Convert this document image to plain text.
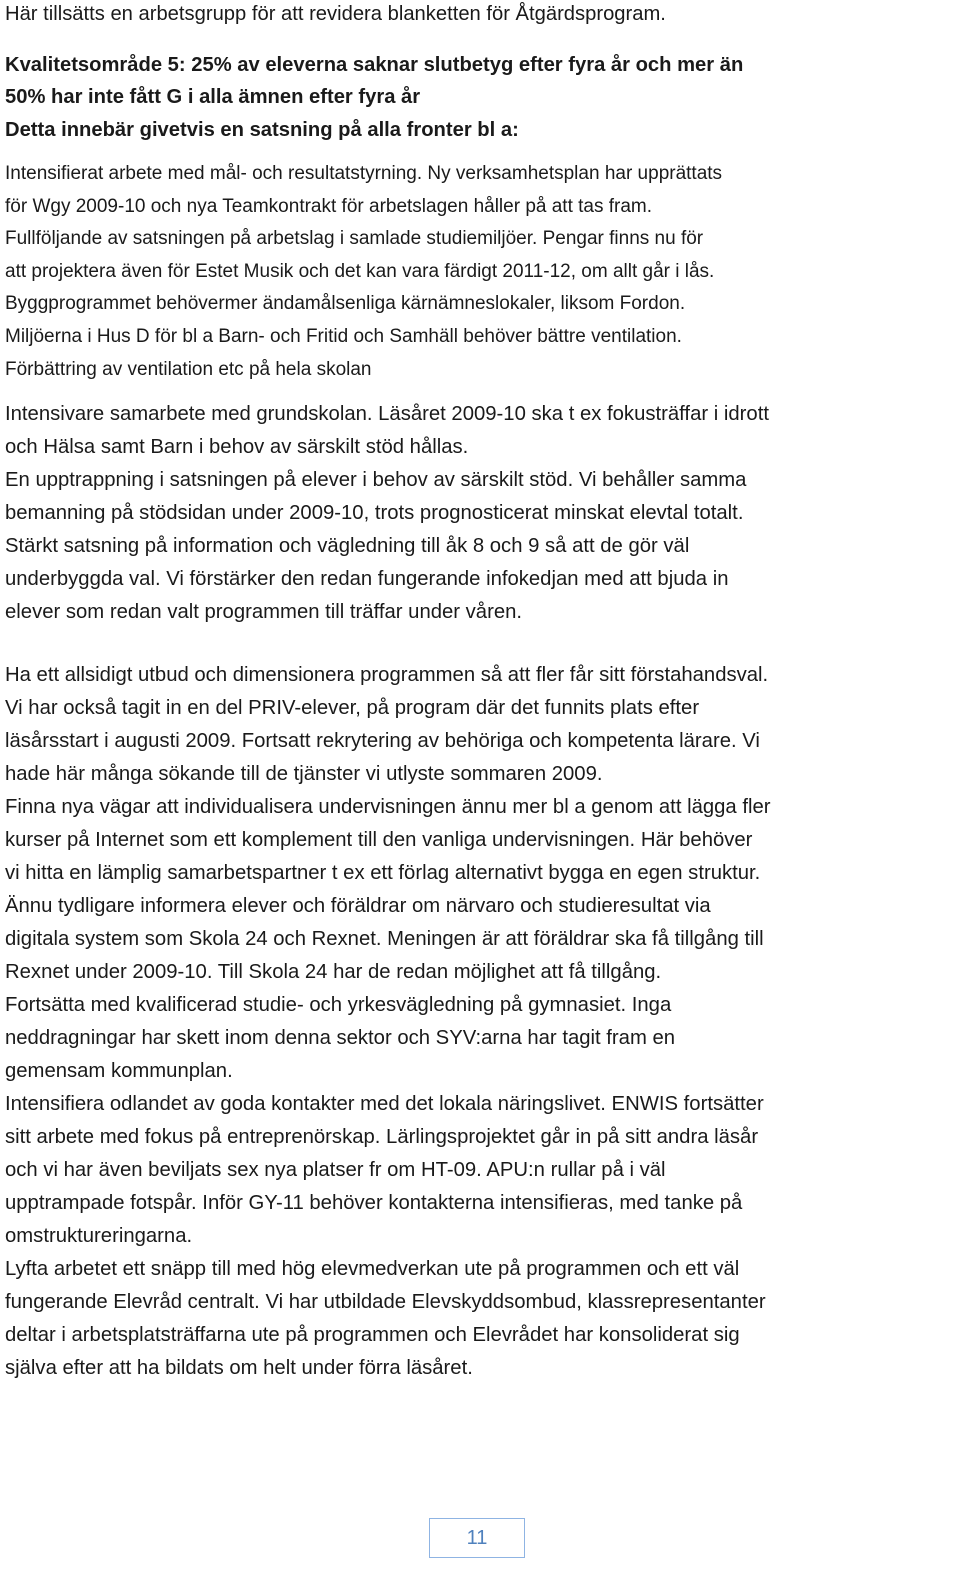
Här tillsätts en arbetsgrupp för att revidera blanketten för Åtgärdsprogram.

Kvalitetsområde 5: 25% av eleverna saknar slutbetyg efter fyra år och mer än

50% har inte fått G i alla ämnen efter fyra år

Detta innebär givetvis en satsning på alla fronter bl a:

Intensifierat arbete med mål- och resultatstyrning. Ny verksamhetsplan har upprättats

för Wgy 2009-10 och nya Teamkontrakt för arbetslagen håller på att tas fram.

Fullföljande av satsningen på arbetslag i samlade studiemiljöer. Pengar finns nu för

att projektera även för Estet Musik och det kan vara färdigt 2011-12, om allt går i lås.

Byggprogrammet behövermer ändamålsenliga kärnämneslokaler, liksom Fordon.

Miljöerna i Hus D för bl a Barn- och Fritid och Samhäll behöver bättre ventilation.

Förbättring av ventilation etc på hela skolan

Intensivare samarbete med grundskolan. Läsåret 2009-10 ska t ex fokusträffar i idrott

och Hälsa samt Barn i behov av särskilt stöd hållas.

En upptrappning i satsningen på elever i behov av särskilt stöd. Vi behåller samma

bemanning på stödsidan under 2009-10, trots prognosticerat minskat elevtal totalt.

Stärkt satsning på information och vägledning till åk 8 och 9 så att de gör väl

underbyggda val. Vi förstärker den redan fungerande infokedjan med att bjuda in

elever som redan valt programmen till träffar under våren.

Ha ett allsidigt utbud och dimensionera programmen så att fler får sitt förstahandsval.

Vi har också tagit in en del PRIV-elever, på program där det funnits plats efter

läsårsstart i augusti 2009. Fortsatt rekrytering av behöriga och kompetenta lärare. Vi

hade här många sökande till de tjänster vi utlyste sommaren 2009.

Finna nya vägar att individualisera undervisningen ännu mer bl a genom att lägga fler

kurser på Internet som ett komplement till den vanliga undervisningen. Här behöver

vi hitta en lämplig samarbetspartner t ex ett förlag alternativt bygga en egen struktur.

Ännu tydligare informera elever och föräldrar om närvaro och studieresultat via

digitala system som Skola 24 och Rexnet. Meningen är att föräldrar ska få tillgång till

Rexnet under 2009-10. Till Skola 24 har de redan möjlighet att få tillgång.

Fortsätta med kvalificerad studie- och yrkesvägledning på gymnasiet. Inga

neddragningar har skett inom denna sektor och SYV:arna har tagit fram en

gemensam kommunplan.

Intensifiera odlandet av goda kontakter med det lokala näringslivet. ENWIS fortsätter

sitt arbete med fokus på entreprenörskap. Lärlingsprojektet går in på sitt andra läsår

och vi har även beviljats sex nya platser fr om HT-09. APU:n rullar på i väl

upptrampade fotspår. Inför GY-11 behöver kontakterna intensifieras, med tanke på

omstruktureringarna.

Lyfta arbetet ett snäpp till med hög elevmedverkan ute på programmen och ett väl

fungerande Elevråd centralt. Vi har utbildade Elevskyddsombud, klassrepresentanter

deltar i arbetsplatsträffarna ute på programmen och Elevrådet har konsoliderat sig

själva efter att ha bildats om helt under förra läsåret.

11
